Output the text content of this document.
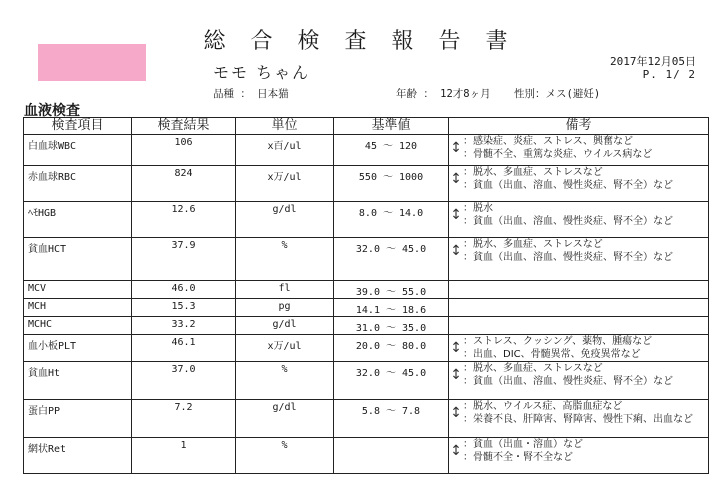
総 合 検 査 報 告 書
2017年12月05日
P. 1/ 2
モモ ちゃん
品種 ： 日本猫	年齢 ： 12才8ヶ月 性別：メス(避妊)
血液検査
検査項目	検査結果	単位	基準値	備考

白血球WBC	106	x百/ul	45 ～ 120	↕ ：感染症、炎症、ストレス、興奮など
：骨髄不全、重篤な炎症、ウイルス病など

赤血球RBC	824	x万/ul	550 ～ 1000	↕ ：脱水、多血症、ストレスなど
：貧血（出血、溶血、慢性炎症、腎不全）など

ﾍﾓHGB	12.6	g/dl	8.0 ～ 14.0	↕ ：脱水
：貧血（出血、溶血、慢性炎症、腎不全）など

貧血HCT	37.9	%	32.0 ～ 45.0	↕ ：脱水、多血症、ストレスなど
：貧血（出血、溶血、慢性炎症、腎不全）など

MCV	46.0	fl	39.0 ～ 55.0	

MCH	15.3	pg	14.1 ～ 18.6	

MCHC	33.2	g/dl	31.0 ～ 35.0	

血小板PLT	46.1	x万/ul	20.0 ～ 80.0	↕ ：ストレス、クッシング、薬物、腫瘍など
：出血、DIC、骨髄異常、免疫異常など

貧血Ht	37.0	%	32.0 ～ 45.0	↕ ：脱水、多血症、ストレスなど
：貧血（出血、溶血、慢性炎症、腎不全）など

蛋白PP	7.2	g/dl	5.8 ～ 7.8	↕ ：脱水、ウイルス症、高脂血症など
：栄養不良、肝障害、腎障害、慢性下痢、出血など

網状Ret	1	%		↕ ：貧血（出血・溶血）など
：骨髄不全・腎不全など
